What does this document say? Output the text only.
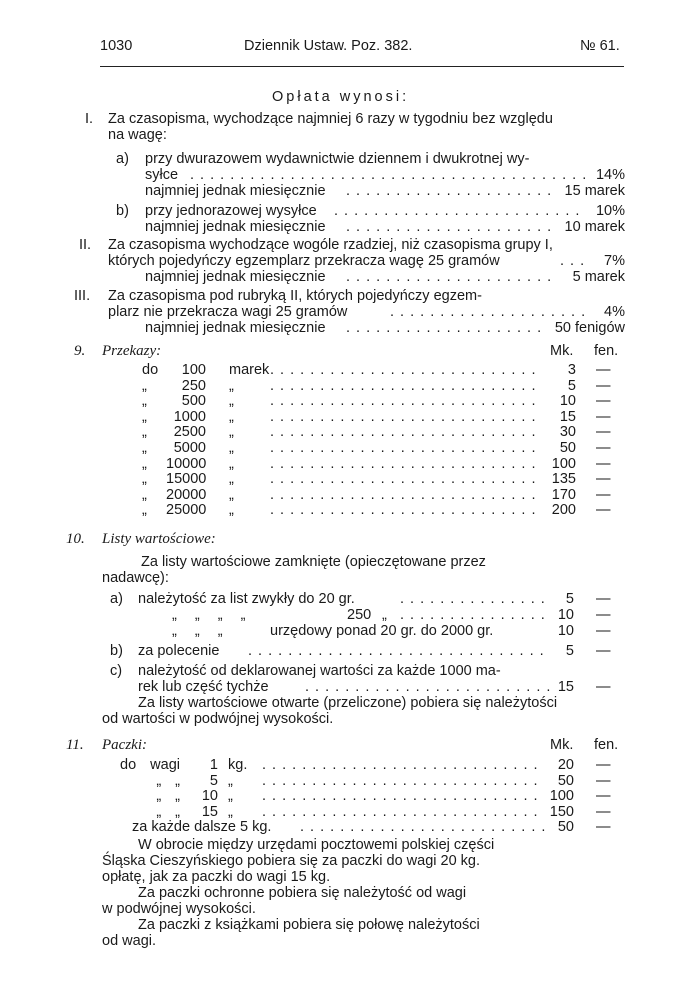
1030	Dziennik Ustaw. Poz. 382.	№ 61.
Opłata wynosi:
I. Za czasopisma, wychodzące najmniej 6 razy w tygodniu bez względu
na wagę:
a) przy dwurazowem wydawnictwie dziennem i dwukrotnej wy-
syłce . . .	14%
najmniej jednak miesięcznie . . .	15 marek
b) przy jednorazowej wysyłce . . .	10%
najmniej jednak miesięcznie . . .	10 marek
II. Za czasopisma wychodzące wogóle rzadziej, niż czasopisma grupy I,
których pojedyńczy egzemplarz przekracza wagę 25 gramów . . .	7%
najmniej jednak miesięcznie . . .	5 marek
III. Za czasopisma pod rubryką II, których pojedyńczy egzem-
plarz nie przekracza wagi 25 gramów . . .	4%
najmniej jednak miesięcznie . . .	50 fenigów
9. Przekazy:	Mk. fen.
do	100 marek . . .	3 —
„	250 „ . . .	5 —
„	500 „ . . .	10 —
„	1000 „ . . .	15 —
„	2500 „ . . .	30 —
„	5000 „ . . .	50 —
„ 10000 „ . . .	100 —
„ 15000 „ . . .	135 —
„ 20000 „ . . .	170 —
„ 25000 „ . . .	200 —
10. Listy wartościowe:
Za listy wartościowe zamknięte (opieczętowane przez
nadawcę):
a) należytość za list zwykły do 20 gr. . . .	5 —
„ „ „ „	250 „ . . .	10 —
„ „ „	urzędowy ponad 20 gr. do 2000 gr.	10 —
b) za polecenie . . .	5 —
c) należytość od deklarowanej wartości za każde 1000 ma-
rek lub część tychże . . .	15 —
Za listy wartościowe otwarte (przeliczone) pobiera się należytości
od wartości w podwójnej wysokości.
11. Paczki:	Mk. fen.
do wagi	1 kg. . . .	20 —
„ „	5 „ . . .	50 —
„ „	10 „ . . .	100 —
„ „	15 „ . . .	150 —
za każde dalsze 5 kg. . . .	50 —
W obrocie między urzędami pocztowemi polskiej części
Śląska Cieszyńskiego pobiera się za paczki do wagi 20 kg.
opłatę, jak za paczki do wagi 15 kg.
Za paczki ochronne pobiera się należytość od wagi
w podwójnej wysokości.
Za paczki z książkami pobiera się połowę należytości
od wagi.
